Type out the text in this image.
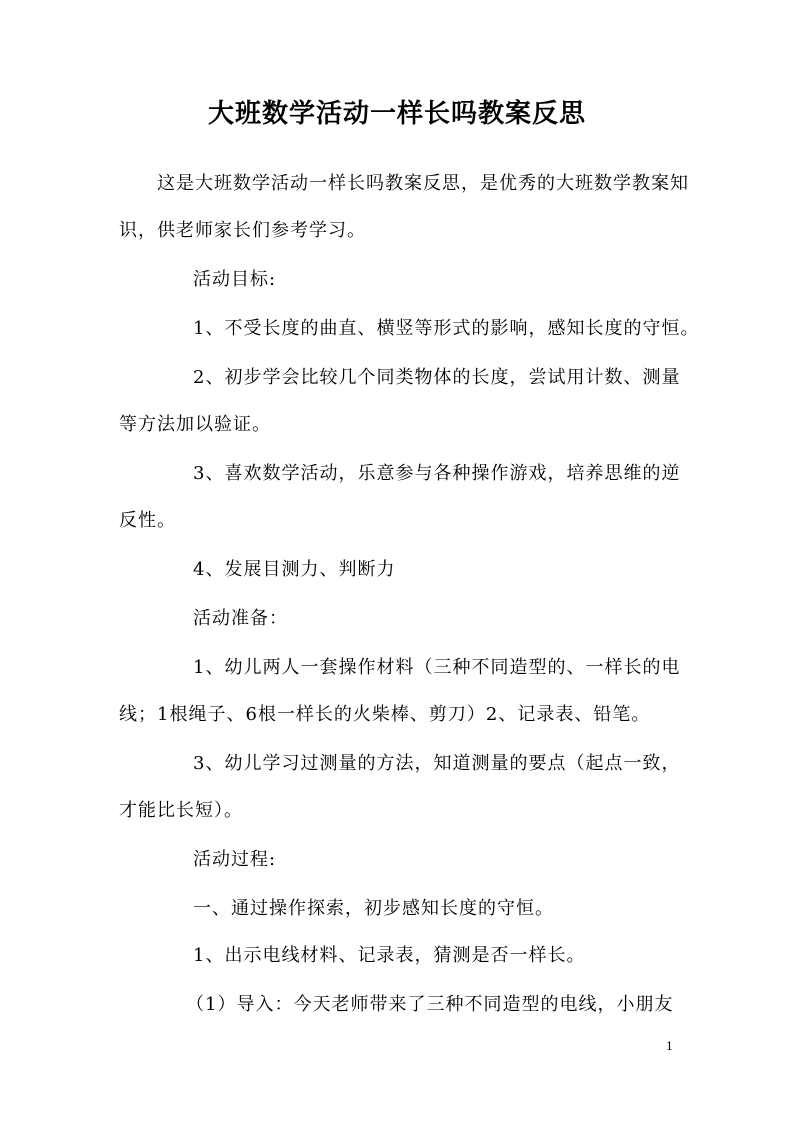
大班数学活动一样长吗教案反思
这是大班数学活动一样长吗教案反思，是优秀的大班数学教案知
识，供老师家长们参考学习。
活动目标:
1、不受长度的曲直、横竖等形式的影响，感知长度的守恒。
2、初步学会比较几个同类物体的长度，尝试用计数、测量
等方法加以验证。
3、喜欢数学活动，乐意参与各种操作游戏，培养思维的逆
反性。
4、发展目测力、判断力
活动准备：
1、幼儿两人一套操作材料（三种不同造型的、一样长的电
线；1根绳子、6根一样长的火柴棒、剪刀）2、记录表、铅笔。
3、幼儿学习过测量的方法，知道测量的要点（起点一致，
才能比长短）。
活动过程:
一、通过操作探索，初步感知长度的守恒。
1、出示电线材料、记录表，猜测是否一样长。
（1）导入：今天老师带来了三种不同造型的电线，小朋友
1
